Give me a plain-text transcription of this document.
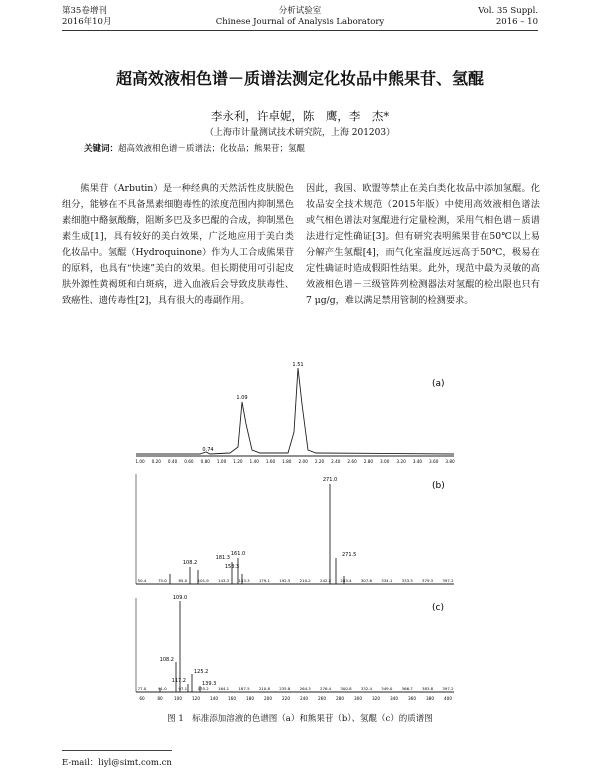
第35卷增刊
2016年10月
分析试验室
Chinese Journal of Analysis Laboratory
Vol. 35 Suppl.
2016 – 10
超高效液相色谱－质谱法测定化妆品中熊果苷、氢醌
李永利，许卓妮，陈　鹰，李　杰*
（上海市计量测试技术研究院，上海 201203）
关键词：超高效液相色谱－质谱法；化妆品；熊果苷；氢醌

熊果苷（Arbutin）是一种经典的天然活性皮肤脱色组分，能够在不具备黑素细胞毒性的浓度范围内抑制黑色素细胞中酪氨酸酶，阻断多巴及多巴醌的合成，抑制黑色素生成[1]，具有较好的美白效果，广泛地应用于美白类化妆品中。氢醌（Hydroquinone）作为人工合成熊果苷的原料，也具有“快速”美白的效果。但长期使用可引起皮肤外源性黄褐斑和白斑病，进入血液后会导致皮肤毒性、致癌性、遗传毒性[2]，具有很大的毒副作用。

因此，我国、欧盟等禁止在美白类化妆品中添加氢醌。化妆品安全技术规范（2015年版）中使用高效液相色谱法或气相色谱法对氢醌进行定量检测，采用气相色谱－质谱法进行定性确证[3]。但有研究表明熊果苷在50℃以上易分解产生氢醌[4]，而气化室温度远远高于50℃，极易在定性确证时造成假阳性结果。此外，现范中最为灵敏的高效液相色谱－三级管阵列检测器法对氢醌的检出限也只有7 μg/g，难以满足禁用管制的检测要求。

0.74
1.09
1.51
(a)
1.00 0.20 0.40 0.60 0.80 1.00 1.20 1.40 1.60 1.80 2.00 2.20 2.40 2.60 2.80 3.00 3.20 3.40 3.60 3.80
271.0
161.0	271.5
108.2
153.3
181.3
(b)
50.4	75.0	85.0	101.9 143.3 153.3 179.1 192.5 210.2 242.2 283.4 307.6 334.1 333.3 379.3 397.2
109.0
108.2
125.2
117.2	139.3
(c)
77.0	91.0	97.1	135.2 164.1 187.5 210.8 235.8 264.3 276.4 300.8 332.4 349.0 366.7 383.8 397.2
60	80	100 120 140 160 180 200 220 240 260 280 300 320 340 360 380 400
图 1　标准添加溶液的色谱图（a）和熊果苷（b）、氢醌（c）的质谱图
E-mail：liyl@simt.com.cn
